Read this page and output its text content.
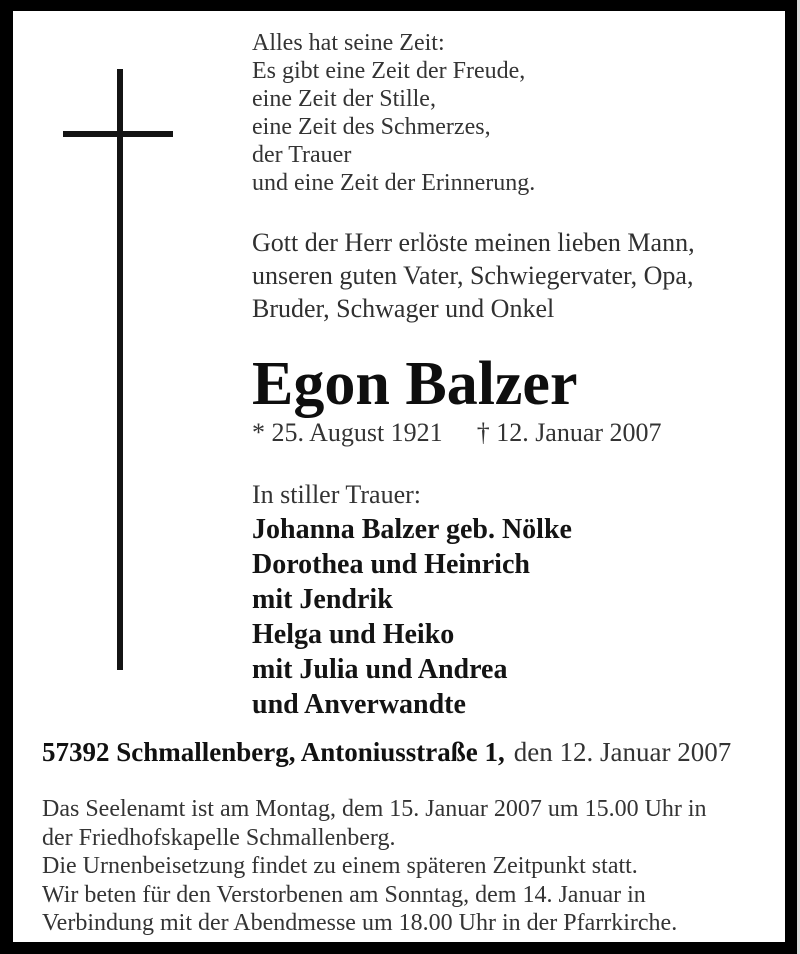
Alles hat seine Zeit:
Es gibt eine Zeit der Freude,
eine Zeit der Stille,
eine Zeit des Schmerzes,
der Trauer
und eine Zeit der Erinnerung.
Gott der Herr erlöste meinen lieben Mann,
unseren guten Vater, Schwiegervater, Opa,
Bruder, Schwager und Onkel
Egon Balzer
* 25. August 1921 † 12. Januar 2007
In stiller Trauer:
Johanna Balzer geb. Nölke
Dorothea und Heinrich
mit Jendrik
Helga und Heiko
mit Julia und Andrea
und Anverwandte
57392 Schmallenberg, Antoniusstraße 1, den 12. Januar 2007
Das Seelenamt ist am Montag, dem 15. Januar 2007 um 15.00 Uhr in
der Friedhofskapelle Schmallenberg.
Die Urnenbeisetzung findet zu einem späteren Zeitpunkt statt.
Wir beten für den Verstorbenen am Sonntag, dem 14. Januar in
Verbindung mit der Abendmesse um 18.00 Uhr in der Pfarrkirche.
